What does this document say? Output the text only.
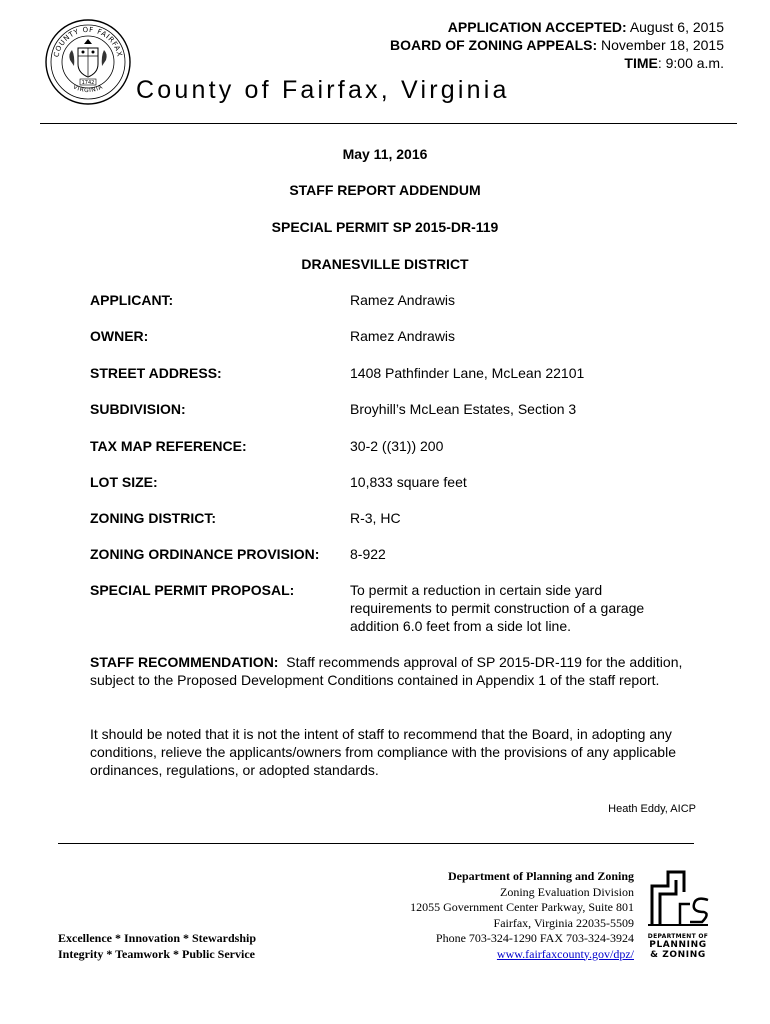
COUNTY OF FAIRFAX
VIRGINIA
1742
APPLICATION ACCEPTED: August 6, 2015
BOARD OF ZONING APPEALS: November 18, 2015
TIME: 9:00 a.m.
County of Fairfax, Virginia
May 11, 2016
STAFF REPORT ADDENDUM
SPECIAL PERMIT SP 2015-DR-119
DRANESVILLE DISTRICT
APPLICANT:	Ramez Andrawis
OWNER:	Ramez Andrawis
STREET ADDRESS:	1408 Pathfinder Lane, McLean 22101
SUBDIVISION:	Broyhill’s McLean Estates, Section 3
TAX MAP REFERENCE:	30-2 ((31)) 200
LOT SIZE:	10,833 square feet
ZONING DISTRICT:	R-3, HC
ZONING ORDINANCE PROVISION: 8-922
SPECIAL PERMIT PROPOSAL:	To permit a reduction in certain side yard requirements to permit construction of a garage addition 6.0 feet from a side lot line.
STAFF RECOMMENDATION: Staff recommends approval of SP 2015-DR-119 for the addition, subject to the Proposed Development Conditions contained in Appendix 1 of the staff report.
It should be noted that it is not the intent of staff to recommend that the Board, in adopting any conditions, relieve the applicants/owners from compliance with the provisions of any applicable ordinances, regulations, or adopted standards.
Heath Eddy, AICP
Excellence * Innovation * Stewardship
Integrity * Teamwork * Public Service
Department of Planning and Zoning
Zoning Evaluation Division
12055 Government Center Parkway, Suite 801
Fairfax, Virginia 22035-5509
Phone 703-324-1290 FAX 703-324-3924
www.fairfaxcounty.gov/dpz/
DEPARTMENT OF
PLANNING
& ZONING
